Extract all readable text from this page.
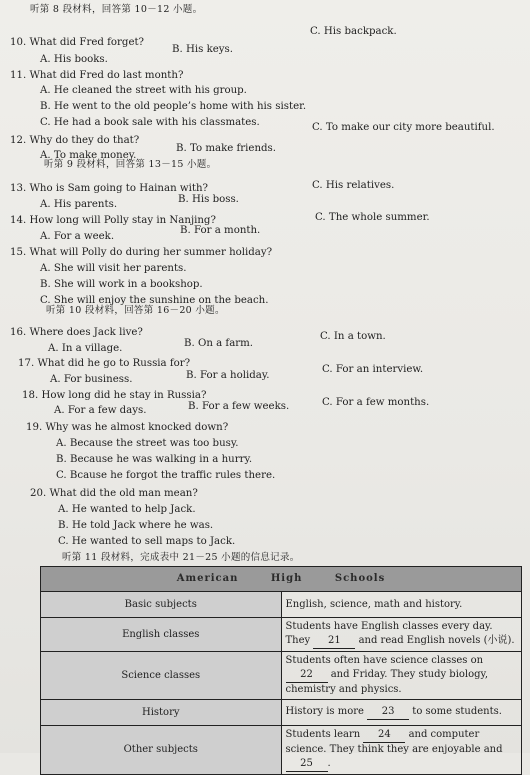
听第 8 段材料，回答第 10－12 小题。
10. What did Fred forget?
A. His books.
B. His keys.
C. His backpack.
11. What did Fred do last month?
A. He cleaned the street with his group.
B. He went to the old people’s home with his sister.
C. He had a book sale with his classmates.
12. Why do they do that?
A. To make money.
B. To make friends.
C. To make our city more beautiful.
听第 9 段材料，回答第 13－15 小题。
13. Who is Sam going to Hainan with?
A. His parents.	B. His boss.
C. His relatives.
14. How long will Polly stay in Nanjing?
A. For a week.
B. For a month.
C. The whole summer.
15. What will Polly do during her summer holiday?
A. She will visit her parents.
B. She will work in a bookshop.
C. She will enjoy the sunshine on the beach.
听第 10 段材料，回答第 16－20 小题。
16. Where does Jack live?
A. In a village.	B. On a farm.
C. In a town.
17. What did he go to Russia for?
A. For business.	B. For a holiday.
C. For an interview.
18. How long did he stay in Russia?
A. For a few days.	B. For a few weeks.	C. For a few months.
19. Why was he almost knocked down?
A. Because the street was too busy.
B. Because he was walking in a hurry.
C. Bcause he forgot the traffic rules there.
20. What did the old man mean?
A. He wanted to help Jack.
B. He told Jack where he was.
C. He wanted to sell maps to Jack.
听第 11 段材料，完成表中 21－25 小题的信息记录。
American High Schools	
Basic subjects	English, science, math and history.
English classes	Students have English classes every day. They 21 and read English novels (小说).
Science classes	Students often have science classes on 22 and Friday. They study biology, chemistry and physics.
History	History is more 23 to some students.
Other subjects	Students learn 24 and computer science. They think they are enjoyable and 25 .
